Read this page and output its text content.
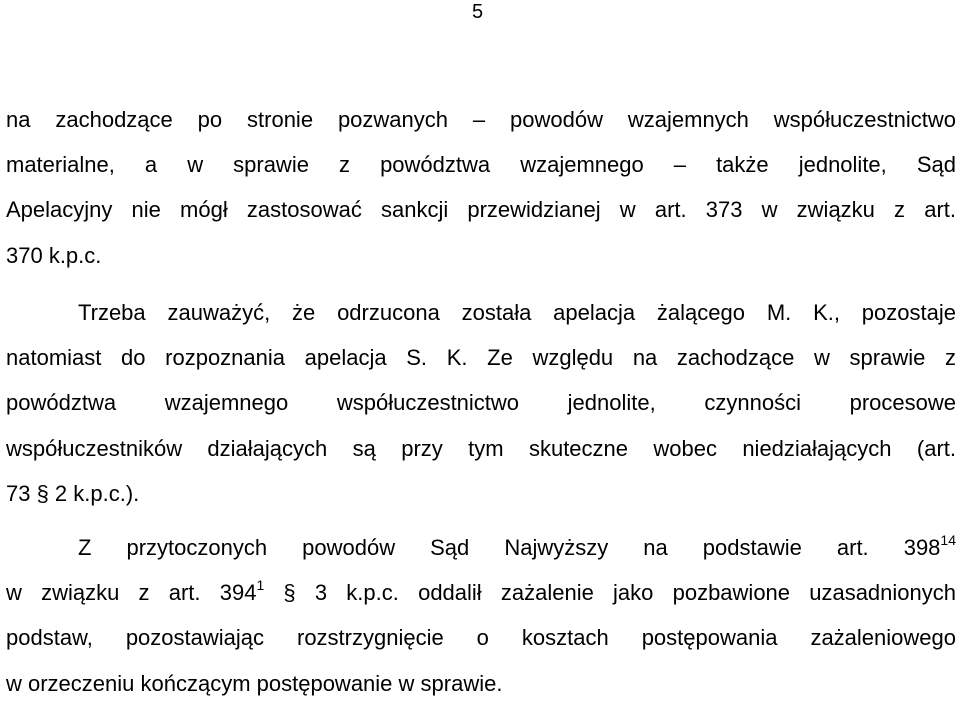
5
na zachodzące po stronie pozwanych – powodów wzajemnych współuczestnictwo
materialne, a w sprawie z powództwa wzajemnego – także jednolite, Sąd
Apelacyjny nie mógł zastosować sankcji przewidzianej w art. 373 w związku z art.
370 k.p.c.
Trzeba zauważyć, że odrzucona została apelacja żalącego M. K., pozostaje
natomiast do rozpoznania apelacja S. K. Ze względu na zachodzące w sprawie z
powództwa wzajemnego współuczestnictwo jednolite, czynności procesowe
współuczestników działających są przy tym skuteczne wobec niedziałających (art.
73 § 2 k.p.c.).
Z przytoczonych powodów Sąd Najwyższy na podstawie art. $398^{14}$
w związku z art. $394^1$ § 3 k.p.c. oddalił zażalenie jako pozbawione uzasadnionych
podstaw, pozostawiając rozstrzygnięcie o kosztach postępowania zażaleniowego
w orzeczeniu kończącym postępowanie w sprawie.
